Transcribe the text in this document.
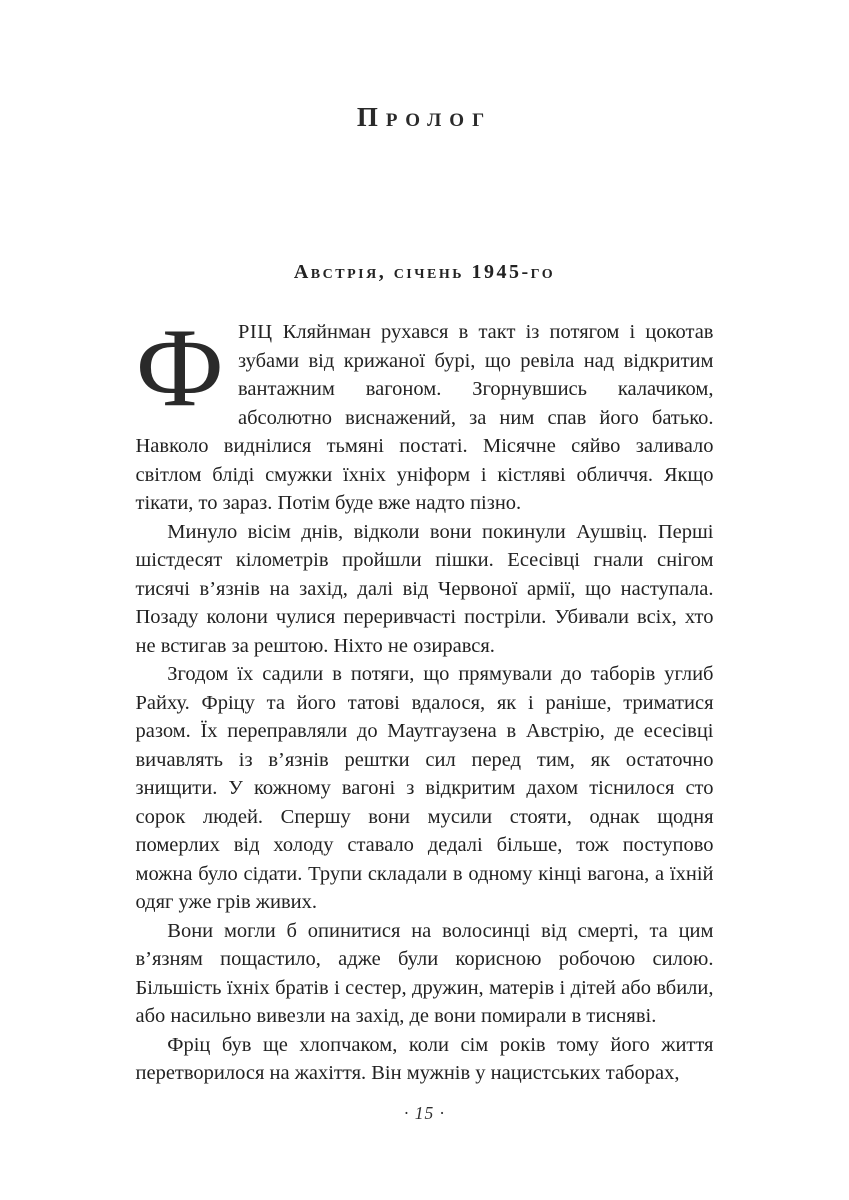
Пролог
Австрія, січень 1945-го

ФРІЦ Кляйнман рухався в такт із потягом і цокотав зубами від крижаної бурі, що ревіла над відкритим вантажним вагоном. Згорнувшись калачиком, абсолютно виснажений, за ним спав його батько. Навколо виднілися тьмяні постаті. Місячне сяйво заливало світлом бліді смужки їхніх уніформ і кістляві обличчя. Якщо тікати, то зараз. Потім буде вже надто пізно.

Минуло вісім днів, відколи вони покинули Аушвіц. Перші шістдесят кілометрів пройшли пішки. Есесівці гнали снігом тисячі в’язнів на захід, далі від Червоної армії, що наступала. Позаду колони чулися переривчасті постріли. Убивали всіх, хто не встигав за рештою. Ніхто не озирався.

Згодом їх садили в потяги, що прямували до таборів углиб Райху. Фріцу та його татові вдалося, як і раніше, триматися разом. Їх переправляли до Маутгаузена в Австрію, де есесівці вичавлять із в’язнів рештки сил перед тим, як остаточно знищити. У кожному вагоні з відкритим дахом тіснилося сто сорок людей. Спершу вони мусили стояти, однак щодня померлих від холоду ставало дедалі більше, тож поступово можна було сідати. Трупи складали в одному кінці вагона, а їхній одяг уже грів живих.

Вони могли б опинитися на волосинці від смерті, та цим в’язням пощастило, адже були корисною робочою силою. Більшість їхніх братів і сестер, дружин, матерів і дітей або вбили, або насильно вивезли на захід, де вони помирали в тисняві.

Фріц був ще хлопчаком, коли сім років тому його життя перетворилося на жахіття. Він мужнів у нацистських таборах,

· 15 ·
